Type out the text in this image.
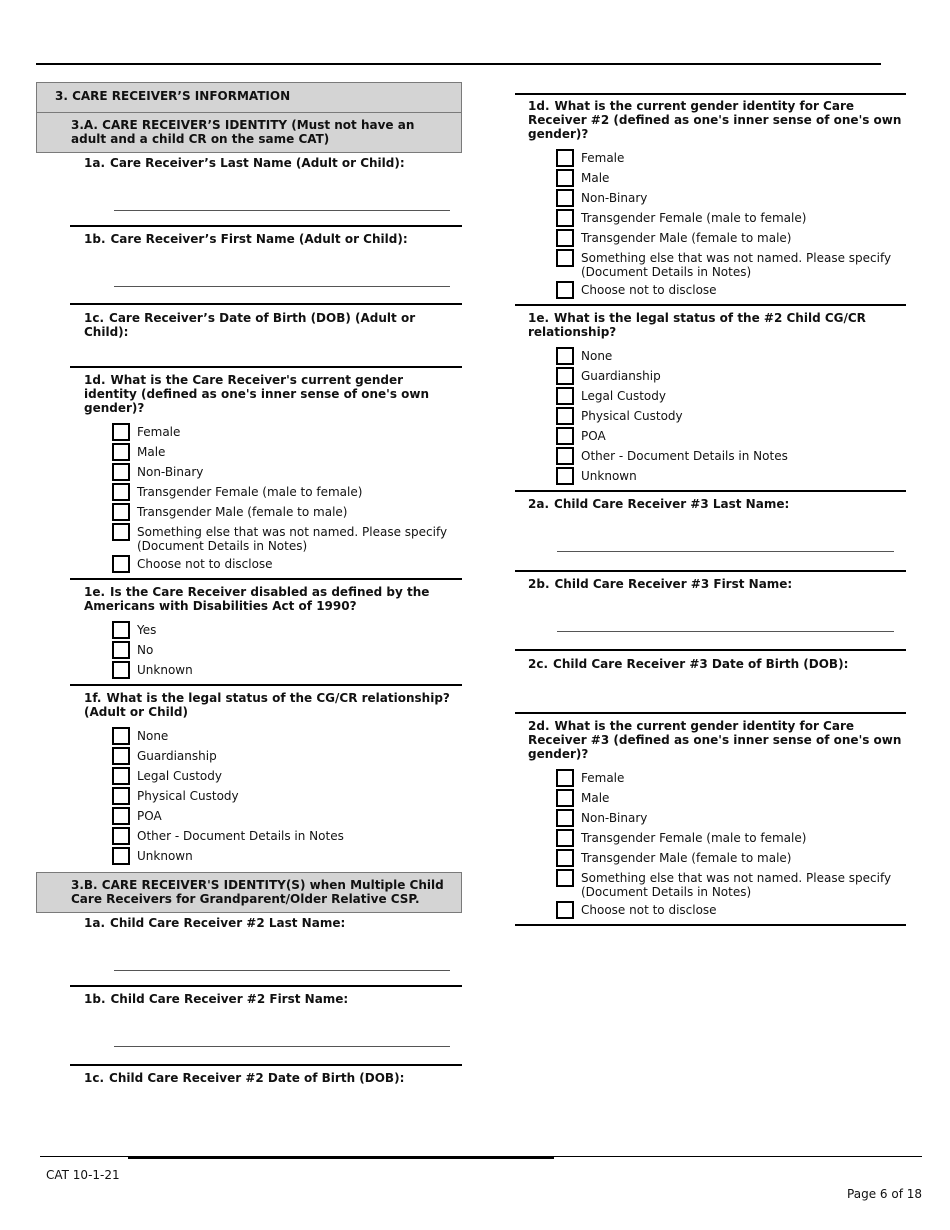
3. CARE RECEIVER’S INFORMATION
3.A. CARE RECEIVER’S IDENTITY (Must not have an adult and a child CR on the same CAT)
1a. Care Receiver’s Last Name (Adult or Child):
1b. Care Receiver’s First Name (Adult or Child):
1c. Care Receiver’s Date of Birth (DOB) (Adult or Child):
1d. What is the Care Receiver's current gender identity (defined as one's inner sense of one's own gender)?
Female
Male
Non-Binary
Transgender Female (male to female)
Transgender Male (female to male)
Something else that was not named. Please specify (Document Details in Notes)
Choose not to disclose
1e. Is the Care Receiver disabled as defined by the Americans with Disabilities Act of 1990?
Yes
No
Unknown
1f. What is the legal status of the CG/CR relationship? (Adult or Child)
None
Guardianship
Legal Custody
Physical Custody
POA
Other - Document Details in Notes
Unknown
3.B. CARE RECEIVER'S IDENTITY(S) when Multiple Child Care Receivers for Grandparent/Older Relative CSP.
1a. Child Care Receiver #2 Last Name:
1b. Child Care Receiver #2 First Name:
1c. Child Care Receiver #2 Date of Birth (DOB):
1d. What is the current gender identity for Care Receiver #2 (defined as one's inner sense of one's own gender)?
Female
Male
Non-Binary
Transgender Female (male to female)
Transgender Male (female to male)
Something else that was not named. Please specify (Document Details in Notes)
Choose not to disclose
1e. What is the legal status of the #2 Child CG/CR relationship?
None
Guardianship
Legal Custody
Physical Custody
POA
Other - Document Details in Notes
Unknown
2a. Child Care Receiver #3 Last Name:
2b. Child Care Receiver #3 First Name:
2c. Child Care Receiver #3 Date of Birth (DOB):
2d. What is the current gender identity for Care Receiver #3 (defined as one's inner sense of one's own gender)?
Female
Male
Non-Binary
Transgender Female (male to female)
Transgender Male (female to male)
Something else that was not named. Please specify (Document Details in Notes)
Choose not to disclose
CAT 10-1-21
Page 6 of 18
